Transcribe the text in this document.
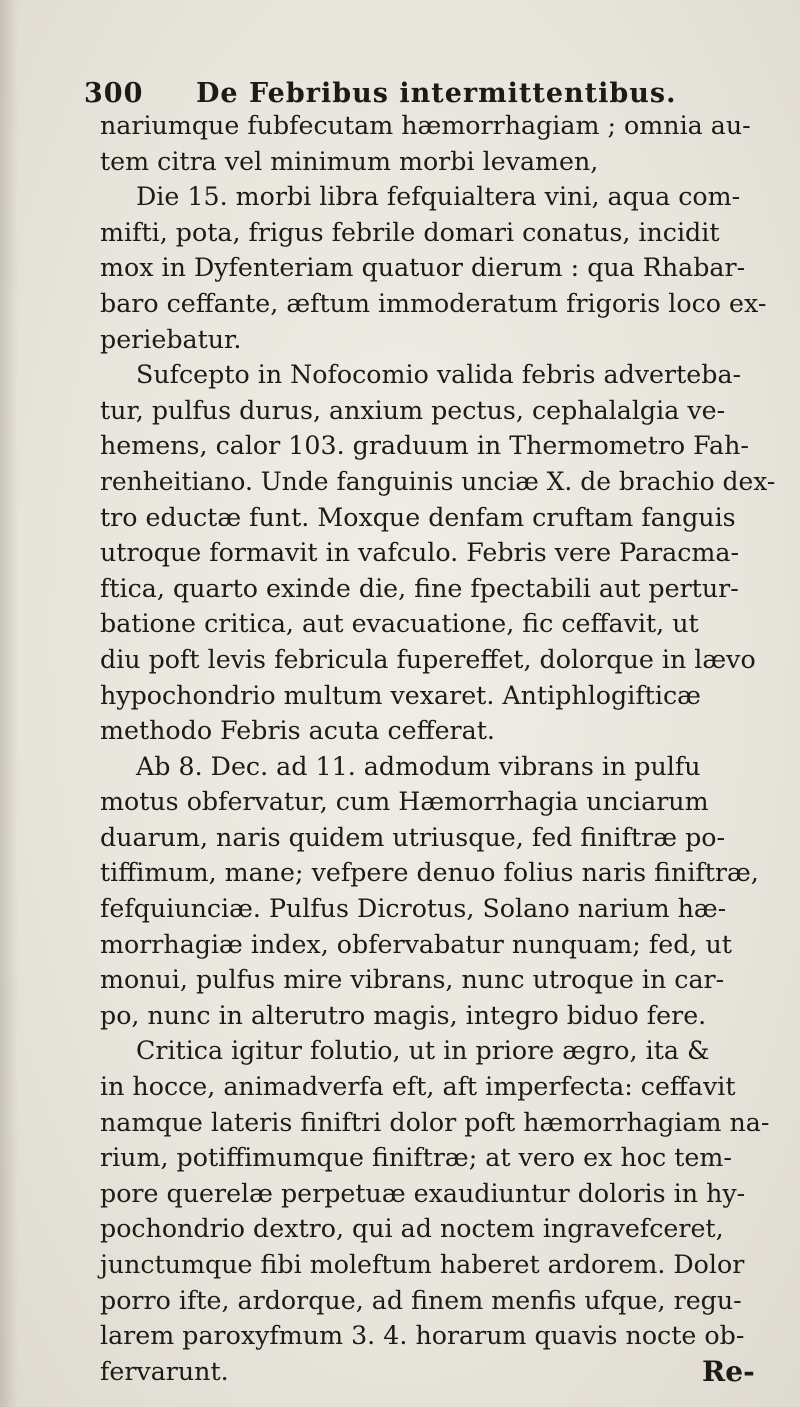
300	De Febribus intermittentibus.
nariumque fubfecutam hæmorrhagiam ; omnia au-
tem citra vel minimum morbi levamen,
Die 15. morbi libra fefquialtera vini, aqua com-
mifti, pota, frigus febrile domari conatus, incidit
mox in Dyfenteriam quatuor dierum : qua Rhabar-
baro ceffante, æftum immoderatum frigoris loco ex-
periebatur.
Sufcepto in Nofocomio valida febris adverteba-
tur, pulfus durus, anxium pectus, cephalalgia ve-
hemens, calor 103. graduum in Thermometro Fah-
renheitiano. Unde fanguinis unciæ X. de brachio dex-
tro eductæ funt. Moxque denfam cruftam fanguis
utroque formavit in vafculo. Febris vere Paracma-
ftica, quarto exinde die, fine fpectabili aut pertur-
batione critica, aut evacuatione, fic ceffavit, ut
diu poft levis febricula fupereffet, dolorque in lævo
hypochondrio multum vexaret. Antiphlogifticæ
methodo Febris acuta cefferat.
Ab 8. Dec. ad 11. admodum vibrans in pulfu
motus obfervatur, cum Hæmorrhagia unciarum
duarum, naris quidem utriusque, fed finiftræ po-
tiffimum, mane; vefpere denuo folius naris finiftræ,
fefquiunciæ. Pulfus Dicrotus, Solano narium hæ-
morrhagiæ index, obfervabatur nunquam; fed, ut
monui, pulfus mire vibrans, nunc utroque in car-
po, nunc in alterutro magis, integro biduo fere.
Critica igitur folutio, ut in priore ægro, ita &
in hocce, animadverfa eft, aft imperfecta: ceffavit
namque lateris finiftri dolor poft hæmorrhagiam na-
rium, potiffimumque finiftræ; at vero ex hoc tem-
pore querelæ perpetuæ exaudiuntur doloris in hy-
pochondrio dextro, qui ad noctem ingravefceret,
junctumque fibi moleftum haberet ardorem. Dolor
porro ifte, ardorque, ad finem menfis ufque, regu-
larem paroxyfmum 3. 4. horarum quavis nocte ob-
fervarunt.	Re-
